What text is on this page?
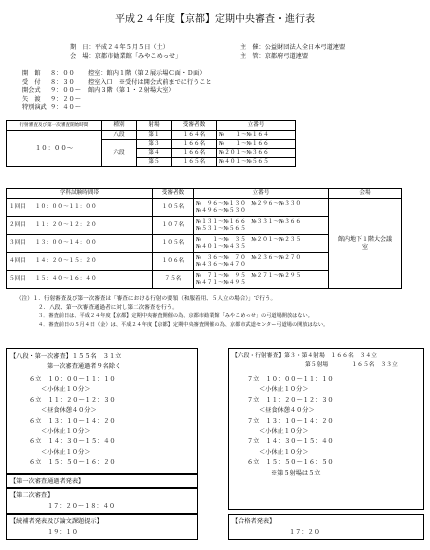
平成２４年度【京都】定期中央審査・進行表
期　日：平成２４年５月５日（土）
会　場：京都市勧業館「みやこめっせ」
主　催：公益財団法人全日本弓道連盟
主　管：京都府弓道連盟
開　館 ８：００ 控室：館内１階（第２展示場Ｃ面・Ｄ面）
受　付 ８：３０ 控室入口　※受付は開会式前までに行うこと
開会式 ９：００～ 館内３階（第１・２射場大室）
矢　渡 ９：２０～
特別演武 ９：４０～
行射審査及び第一次審査開始時間	種別	射場	受審者数	立番号
１０：００～	八段	第１	１６４名	№　　１～№１６４
	六段	第３	１６６名	№　　１～№１６６
		第４	１６６名	№２０１～№３６６
		第５	１６５名	№４０１～№５６５
学科試験時間帯		受審者数	立番号	会場
１回目	１０：００～１１：００	１０５名	№　９６～№１３０　 №２９６～№３３０
№４９６～№５３０	館内地下１階大会議室

２回目	１１：２０～１２：２０	１０７名	№１３１～№１６６　 №３３１～№３６６
№５３１～№５６５	

３回目	１３：００～１４：００	１０５名	№　　１～№　３５　 №２０１～№２３５
№４０１～№４３５	

４回目	１４：２０～１５：２０	１０６名	№　３６～№　７０　 №２３６～№２７０
№４３６～№４７０	

５回目	１５：４０～１６：４０	７５名	№　７１～№　９５　 №２７１～№２９５
№４７１～№４９５	
（注）１．行射審査及び第一次審査は「審査における行射の要領（和服着用、５人立の場合）」で行う。
２．八段、第一次審査通過者に対し第二次審査を行う。
３．審査前日は、平成２４年度【京都】定期中央審査開催の為、京都市勧業館「みやこめっせ」の弓道場開放はない。
４．審査前日の５月４日（金）は、平成２４年度【京都】定期中央審査開催の為、京都市武道センター弓道場の開放はない。
【八段・第一次審査】１５５名　３１立
第一次審査通過者９名除く
６立　１０：００～１１：１０
＜小休止１０分＞
６立　１１：２０～１２：３０
＜昼食休憩４０分＞
６立　１３：１０～１４：２０
＜小休止１０分＞
６立　１４：３０～１５：４０
＜小休止１０分＞
６立　１５：５０～１６：２０
【第一次審査通過者発表】
【第二次審査】
１７：２０～１８：４０
【続補者発表及び論文課題提示】
１９：１０
【六段・行射審査】第３・第４射場　１６６名　３４立
第５射場　　　　１６５名　３３立
７立　１０：００～１１：１０
＜小休止１０分＞
７立　１１：２０～１２：３０
＜昼食休憩４０分＞
７立　１３：１０～１４：２０
＜小休止１０分＞
７立　１４：３０～１５：４０
＜小休止１０分＞
６立　１５：５０～１６：５０
※第５射場は５立
【合格者発表】
１７：２０
